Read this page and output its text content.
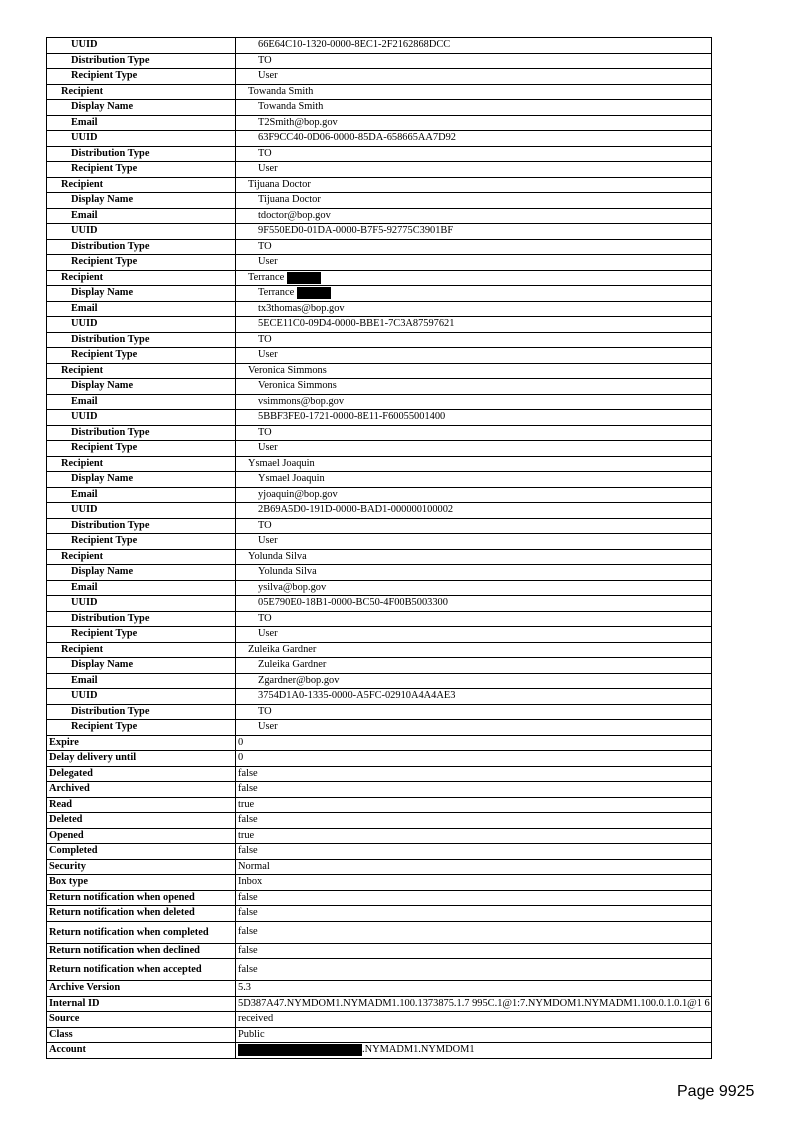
UUID	66E64C10-1320-0000-8EC1-2F2162868DCC
Distribution Type	TO
Recipient Type	User
Recipient	Towanda Smith
Display Name	Towanda Smith
Email	T2Smith@bop.gov
UUID	63F9CC40-0D06-0000-85DA-658665AA7D92
Distribution Type	TO
Recipient Type	User
Recipient	Tijuana Doctor
Display Name	Tijuana Doctor
Email	tdoctor@bop.gov
UUID	9F550ED0-01DA-0000-B7F5-92775C3901BF
Distribution Type	TO
Recipient Type	User
Recipient	Terrance
Display Name	Terrance
Email	tx3thomas@bop.gov
UUID	5ECE11C0-09D4-0000-BBE1-7C3A87597621
Distribution Type	TO
Recipient Type	User
Recipient	Veronica Simmons
Display Name	Veronica Simmons
Email	vsimmons@bop.gov
UUID	5BBF3FE0-1721-0000-8E11-F60055001400
Distribution Type	TO
Recipient Type	User
Recipient	Ysmael Joaquin
Display Name	Ysmael Joaquin
Email	yjoaquin@bop.gov
UUID	2B69A5D0-191D-0000-BAD1-000000100002
Distribution Type	TO
Recipient Type	User
Recipient	Yolunda Silva
Display Name	Yolunda Silva
Email	ysilva@bop.gov
UUID	05E790E0-18B1-0000-BC50-4F00B5003300
Distribution Type	TO
Recipient Type	User
Recipient	Zuleika Gardner
Display Name	Zuleika Gardner
Email	Zgardner@bop.gov
UUID	3754D1A0-1335-0000-A5FC-02910A4A4AE3
Distribution Type	TO
Recipient Type	User
Expire	0
Delay delivery until	0
Delegated	false
Archived	false
Read	true
Deleted	false
Opened	true
Completed	false
Security	Normal
Box type	Inbox
Return notification when opened	false
Return notification when deleted	false
Return notification when completed	false
Return notification when declined	false
Return notification when accepted	false
Archive Version	5.3
Internal ID	5D387A47.NYMDOM1.NYMADM1.100.1373875.1.7 995C.1@1:7.NYMDOM1.NYMADM1.100.0.1.0.1@1 6
Source	received
Class	Public
Account	.NYMADM1.NYMDOM1
Page 9925
